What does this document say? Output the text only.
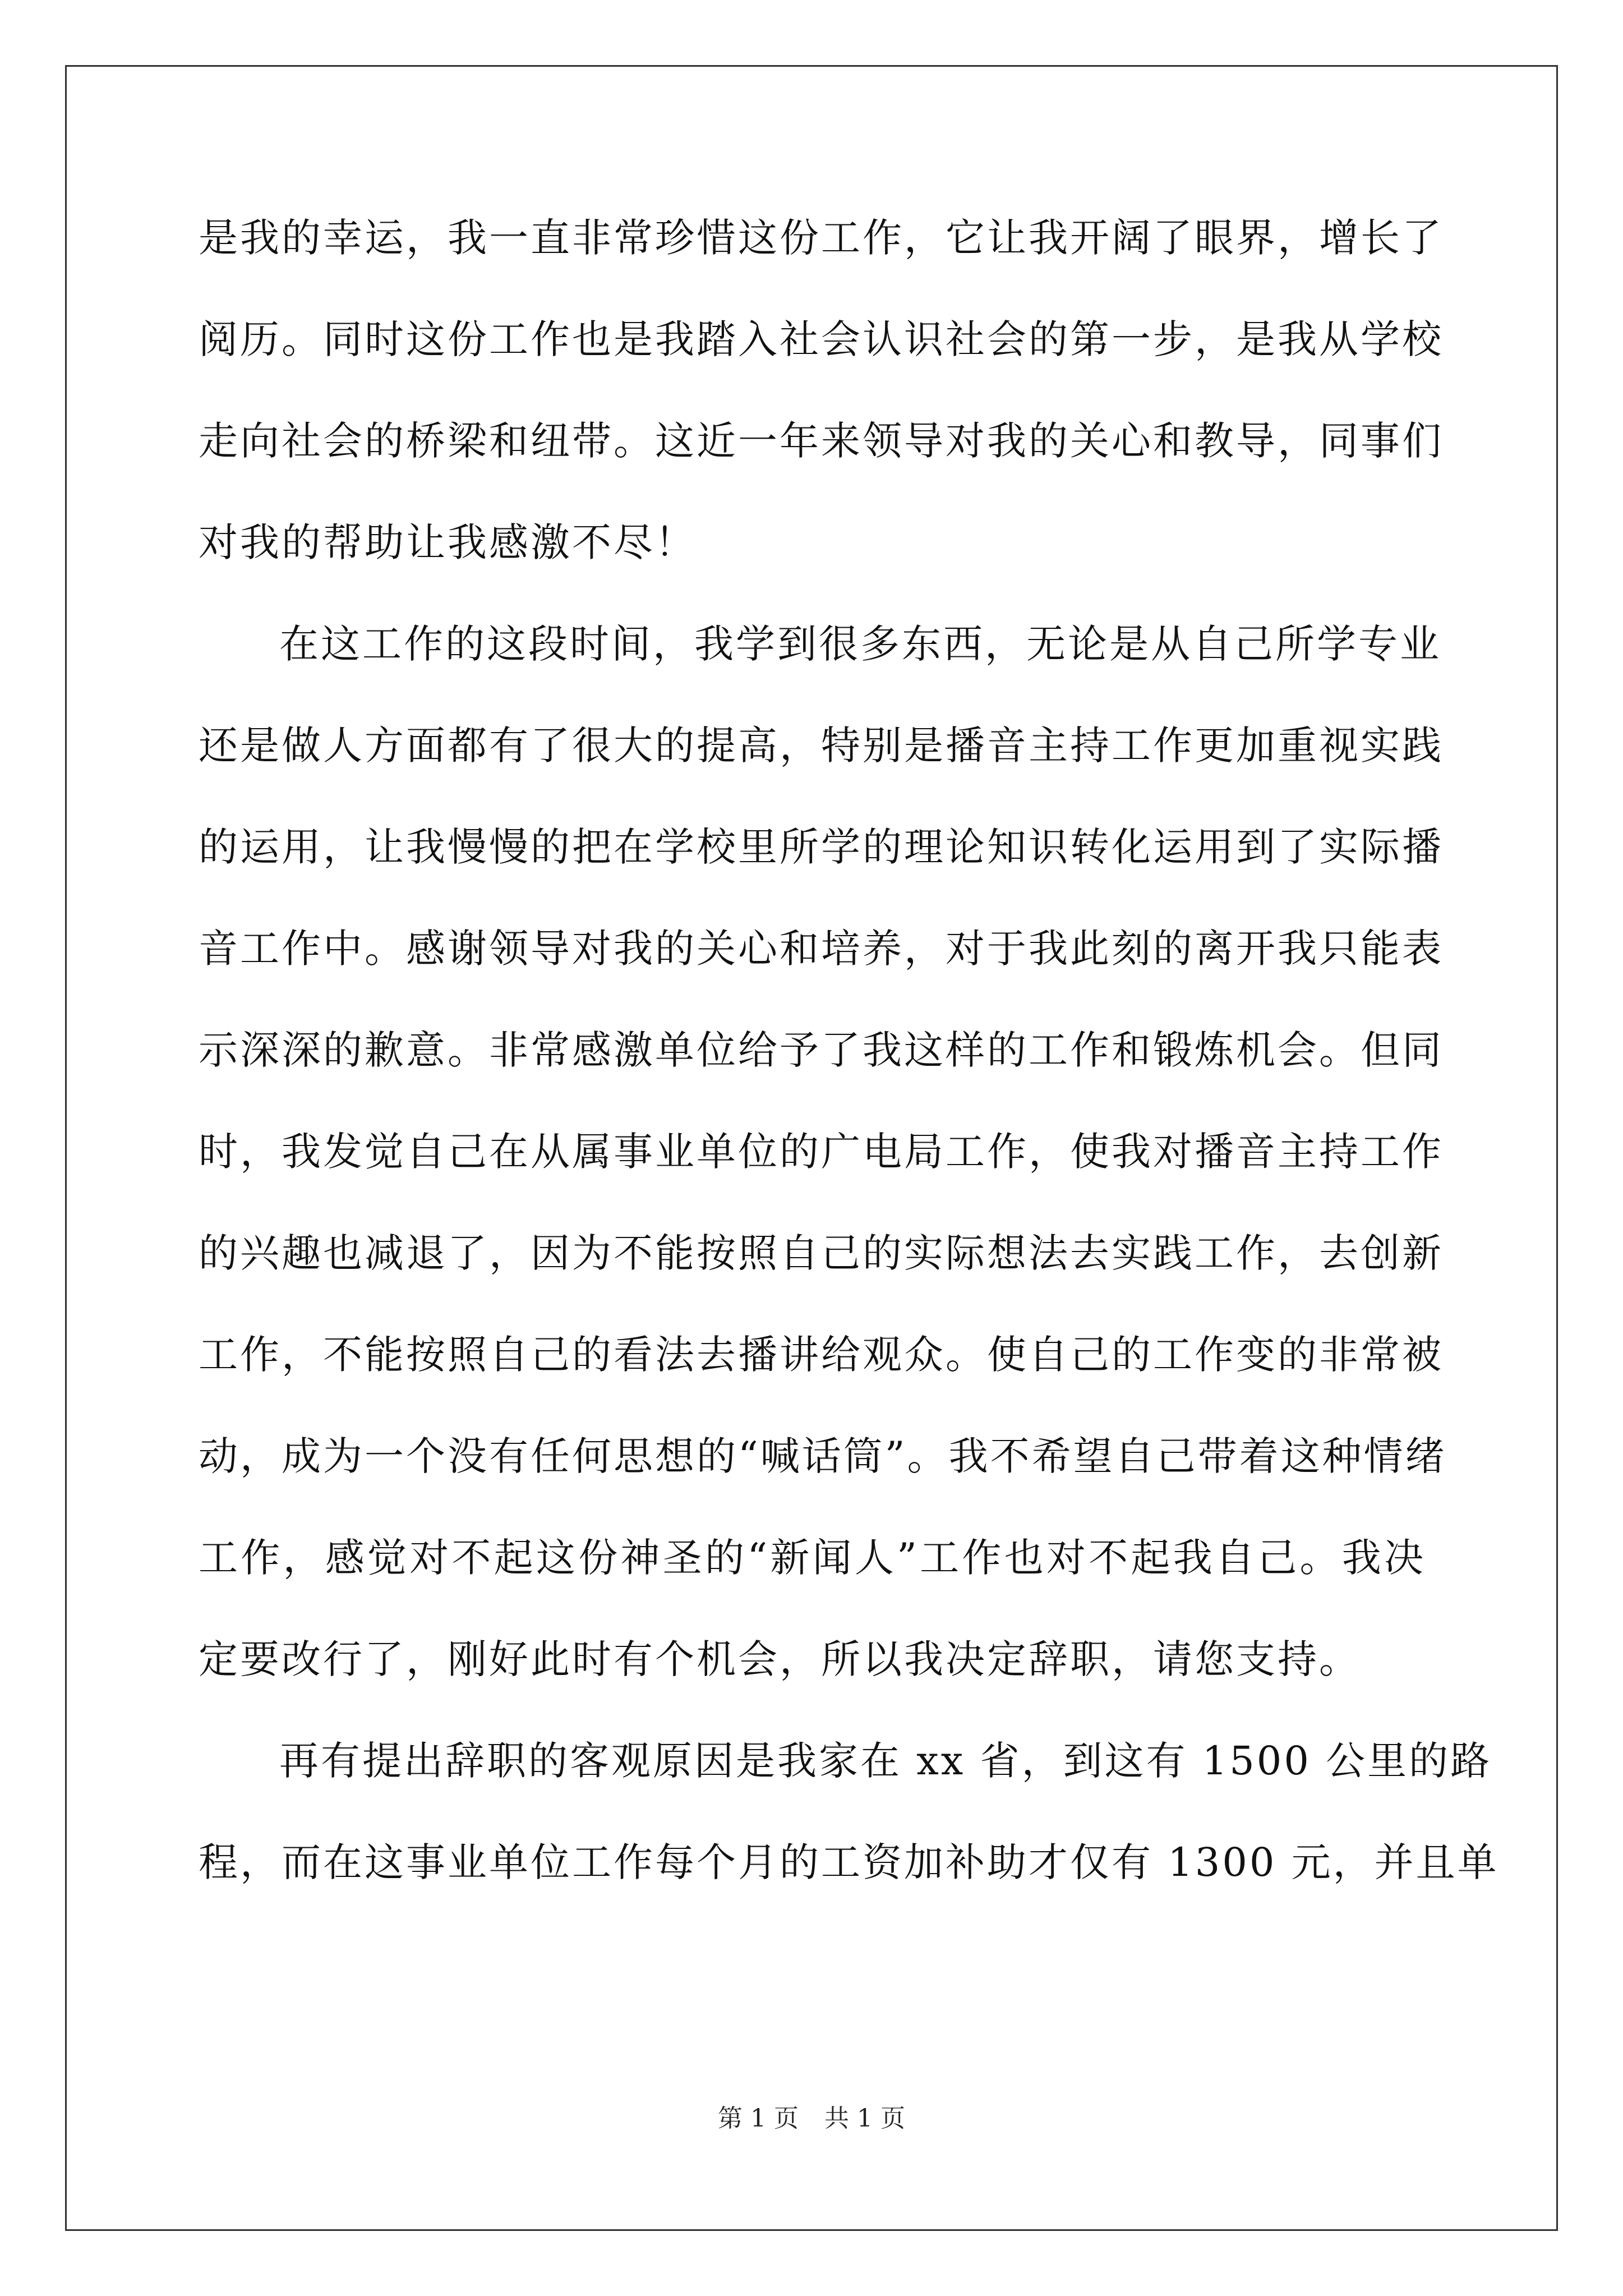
是我的幸运，我一直非常珍惜这份工作，它让我开阔了眼界，增长了
阅历。同时这份工作也是我踏入社会认识社会的第一步，是我从学校
走向社会的桥梁和纽带。这近一年来领导对我的关心和教导，同事们
对我的帮助让我感激不尽！
在这工作的这段时间，我学到很多东西，无论是从自己所学专业
还是做人方面都有了很大的提高，特别是播音主持工作更加重视实践
的运用，让我慢慢的把在学校里所学的理论知识转化运用到了实际播
音工作中。感谢领导对我的关心和培养，对于我此刻的离开我只能表
示深深的歉意。非常感激单位给予了我这样的工作和锻炼机会。但同
时，我发觉自己在从属事业单位的广电局工作，使我对播音主持工作
的兴趣也减退了，因为不能按照自己的实际想法去实践工作，去创新
工作，不能按照自己的看法去播讲给观众。使自己的工作变的非常被
动，成为一个没有任何思想的“喊话筒”。我不希望自己带着这种情绪
工作，感觉对不起这份神圣的“新闻人”工作也对不起我自己。我决
定要改行了，刚好此时有个机会，所以我决定辞职，请您支持。
再有提出辞职的客观原因是我家在 xx 省，到这有 1500 公里的路
程，而在这事业单位工作每个月的工资加补助才仅有 1300 元，并且单
第 1 页 共 1 页
